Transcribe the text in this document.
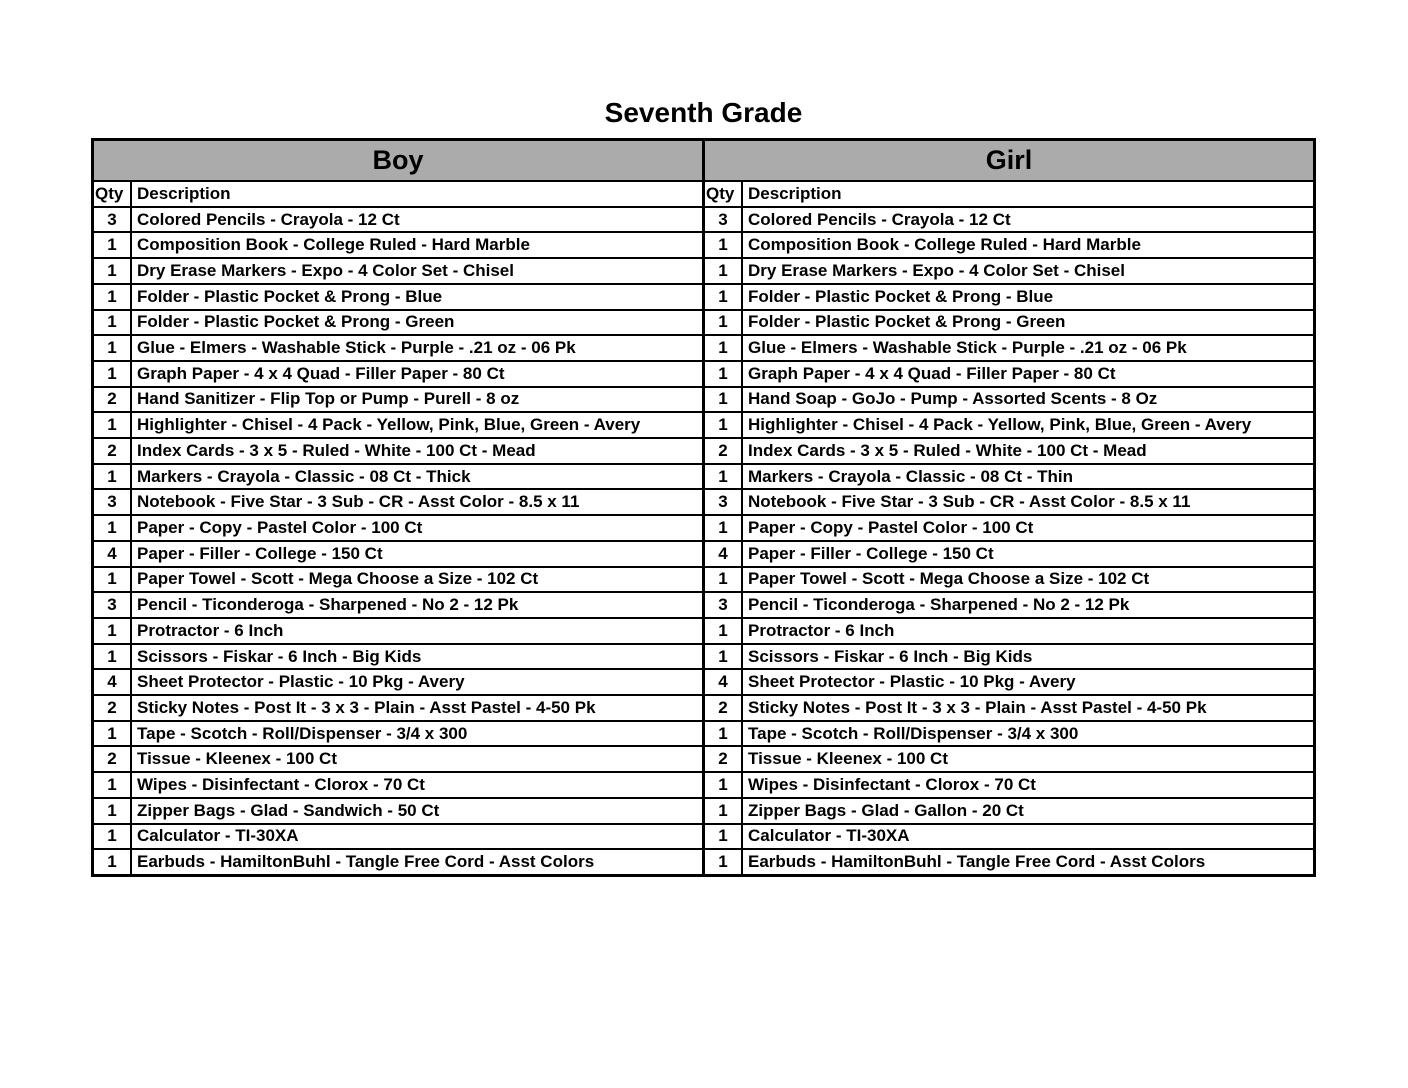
Seventh Grade
Boy
Qty Description
3	Colored Pencils - Crayola - 12 Ct
1	Composition Book - College Ruled - Hard Marble
1	Dry Erase Markers - Expo - 4 Color Set - Chisel
1	Folder - Plastic Pocket & Prong - Blue
1	Folder - Plastic Pocket & Prong - Green
1	Glue - Elmers - Washable Stick - Purple - .21 oz - 06 Pk
1	Graph Paper - 4 x 4 Quad - Filler Paper - 80 Ct
2	Hand Sanitizer - Flip Top or Pump - Purell - 8 oz
1	Highlighter - Chisel - 4 Pack - Yellow, Pink, Blue, Green - Avery
2	Index Cards - 3 x 5 - Ruled - White - 100 Ct - Mead
1	Markers - Crayola - Classic - 08 Ct - Thick
3	Notebook - Five Star - 3 Sub - CR - Asst Color - 8.5 x 11
1	Paper - Copy - Pastel Color - 100 Ct
4	Paper - Filler - College - 150 Ct
1	Paper Towel - Scott - Mega Choose a Size - 102 Ct
3	Pencil - Ticonderoga - Sharpened - No 2 - 12 Pk
1	Protractor - 6 Inch
1	Scissors - Fiskar - 6 Inch - Big Kids
4	Sheet Protector - Plastic - 10 Pkg - Avery
2	Sticky Notes - Post It - 3 x 3 - Plain - Asst Pastel - 4-50 Pk
1	Tape - Scotch - Roll/Dispenser - 3/4 x 300
2	Tissue - Kleenex - 100 Ct
1	Wipes - Disinfectant - Clorox - 70 Ct
1	Zipper Bags - Glad - Sandwich - 50 Ct
1	Calculator - TI-30XA
1	Earbuds - HamiltonBuhl - Tangle Free Cord - Asst Colors
Girl
Qty Description
3	Colored Pencils - Crayola - 12 Ct
1	Composition Book - College Ruled - Hard Marble
1	Dry Erase Markers - Expo - 4 Color Set - Chisel
1	Folder - Plastic Pocket & Prong - Blue
1	Folder - Plastic Pocket & Prong - Green
1	Glue - Elmers - Washable Stick - Purple - .21 oz - 06 Pk
1	Graph Paper - 4 x 4 Quad - Filler Paper - 80 Ct
1	Hand Soap - GoJo - Pump - Assorted Scents - 8 Oz
1	Highlighter - Chisel - 4 Pack - Yellow, Pink, Blue, Green - Avery
2	Index Cards - 3 x 5 - Ruled - White - 100 Ct - Mead
1	Markers - Crayola - Classic - 08 Ct - Thin
3	Notebook - Five Star - 3 Sub - CR - Asst Color - 8.5 x 11
1	Paper - Copy - Pastel Color - 100 Ct
4	Paper - Filler - College - 150 Ct
1	Paper Towel - Scott - Mega Choose a Size - 102 Ct
3	Pencil - Ticonderoga - Sharpened - No 2 - 12 Pk
1	Protractor - 6 Inch
1	Scissors - Fiskar - 6 Inch - Big Kids
4	Sheet Protector - Plastic - 10 Pkg - Avery
2	Sticky Notes - Post It - 3 x 3 - Plain - Asst Pastel - 4-50 Pk
1	Tape - Scotch - Roll/Dispenser - 3/4 x 300
2	Tissue - Kleenex - 100 Ct
1	Wipes - Disinfectant - Clorox - 70 Ct
1	Zipper Bags - Glad - Gallon - 20 Ct
1	Calculator - TI-30XA
1	Earbuds - HamiltonBuhl - Tangle Free Cord - Asst Colors
